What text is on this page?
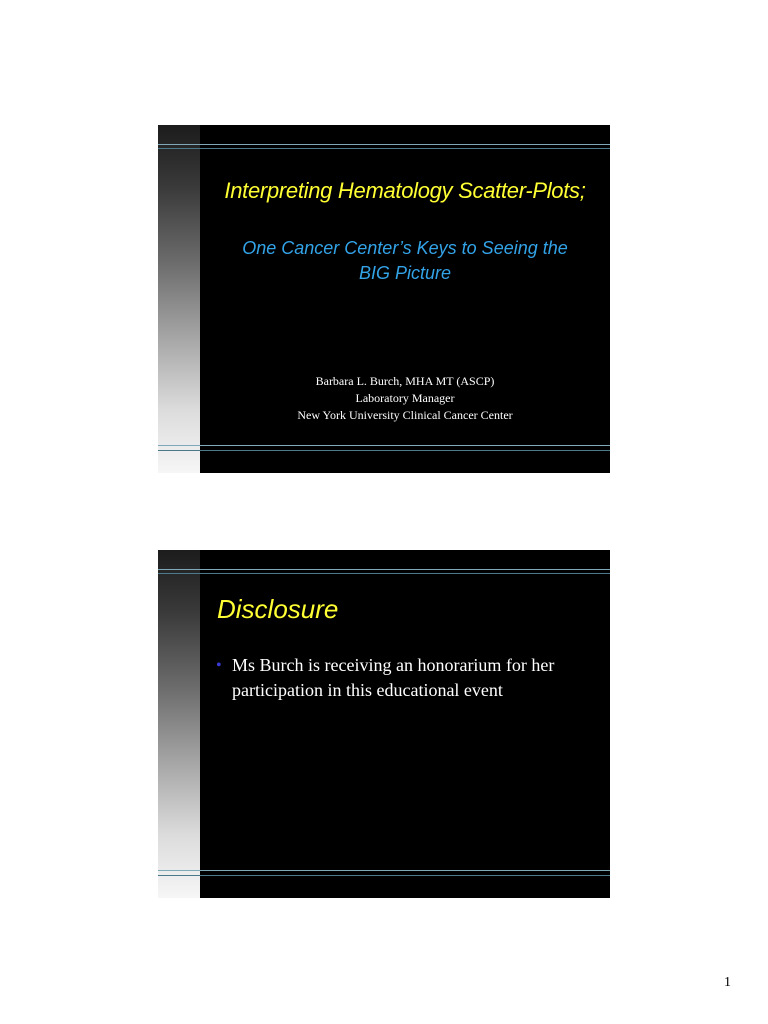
Interpreting Hematology Scatter-Plots;
One Cancer Center’s Keys to Seeing the
BIG Picture
Barbara L. Burch, MHA MT (ASCP)
Laboratory Manager
New York University Clinical Cancer Center
Disclosure
• Ms Burch is receiving an honorarium for her participation in this educational event
1
